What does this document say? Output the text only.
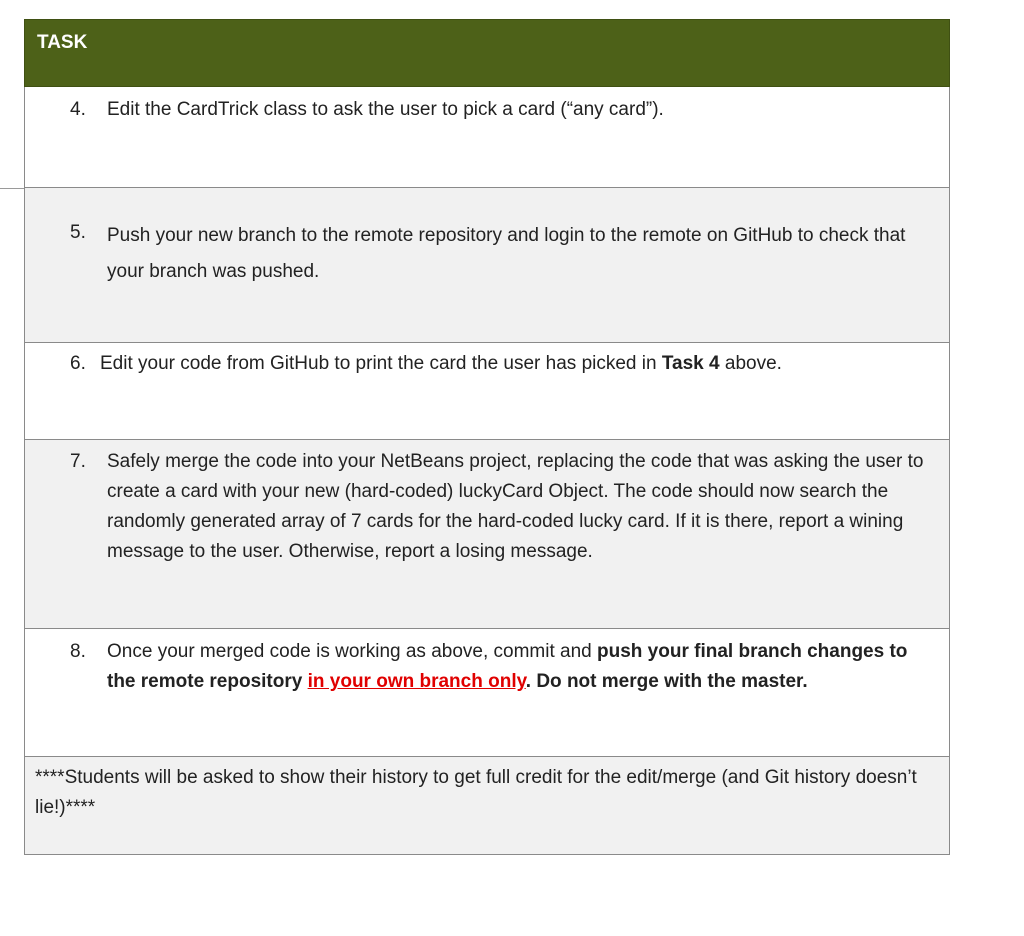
TASK
4. Edit the CardTrick class to ask the user to pick a card (“any card”).
5. Push your new branch to the remote repository and login to the remote on GitHub to check that your branch was pushed.
6. Edit your code from GitHub to print the card the user has picked in Task 4 above.
7. Safely merge the code into your NetBeans project, replacing the code that was asking the user to create a card with your new (hard-coded) luckyCard Object. The code should now search the randomly generated array of 7 cards for the hard-coded lucky card. If it is there, report a wining message to the user. Otherwise, report a losing message.
8. Once your merged code is working as above, commit and push your final branch changes to the remote repository in your own branch only. Do not merge with the master.
****Students will be asked to show their history to get full credit for the edit/merge (and Git history doesn’t lie!)****
